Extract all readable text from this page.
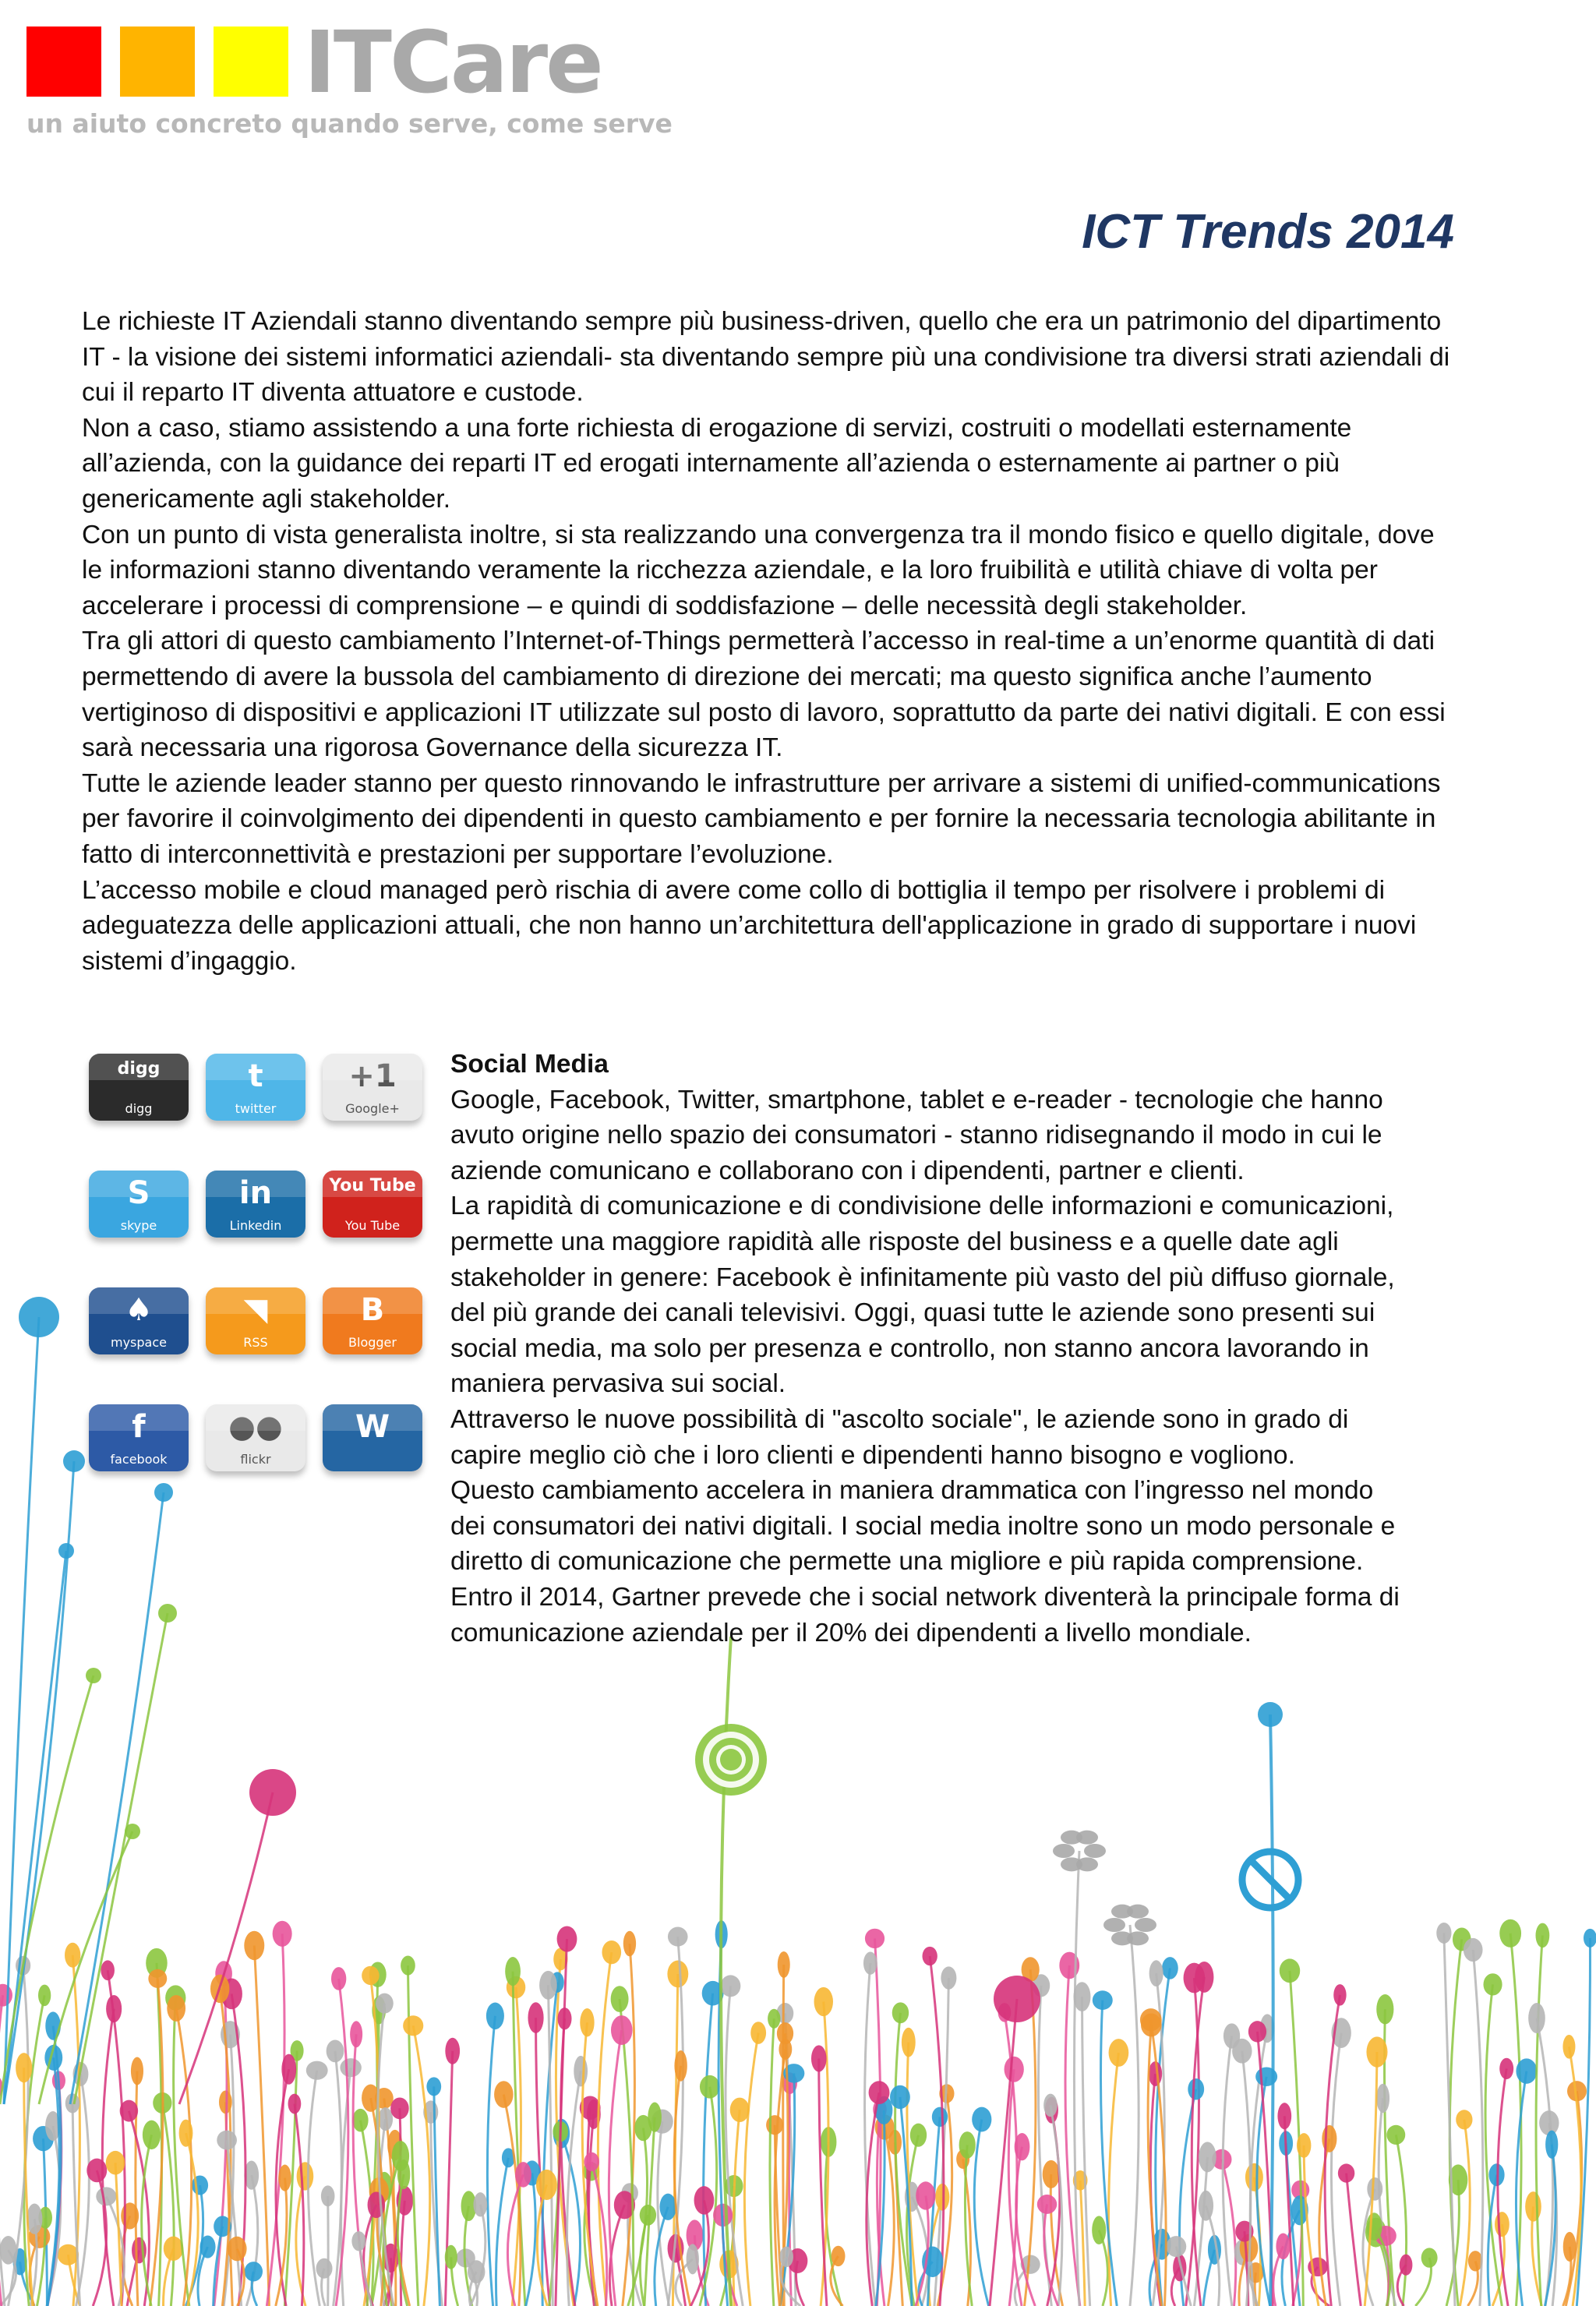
ITCare
un aiuto concreto quando serve, come serve
ICT Trends 2014

Le richieste IT Aziendali stanno diventando sempre più business-driven, quello che era un patrimonio del dipartimento IT - la visione dei sistemi informatici aziendali- sta diventando sempre più una condivisione tra diversi strati aziendali di cui il reparto IT diventa attuatore e custode.

Non a caso, stiamo assistendo a una forte richiesta di erogazione di servizi, costruiti o modellati esternamente all’azienda, con la guidance dei reparti IT ed erogati internamente all’azienda o esternamente ai partner o più genericamente agli stakeholder.

Con un punto di vista generalista inoltre, si sta realizzando una convergenza tra il mondo fisico e quello digitale, dove le informazioni stanno diventando veramente la ricchezza aziendale, e la loro fruibilità e utilità chiave di volta per accelerare i processi di comprensione – e quindi di soddisfazione – delle necessità degli stakeholder.

Tra gli attori di questo cambiamento l’Internet-of-Things permetterà l’accesso in real-time a un’enorme quantità di dati permettendo di avere la bussola del cambiamento di direzione dei mercati; ma questo significa anche l’aumento vertiginoso di dispositivi e applicazioni IT utilizzate sul posto di lavoro, soprattutto da parte dei nativi digitali. E con essi sarà necessaria una rigorosa Governance della sicurezza IT.

Tutte le aziende leader stanno per questo rinnovando le infrastrutture per arrivare a sistemi di unified-communications per favorire il coinvolgimento dei dipendenti in questo cambiamento e per fornire la necessaria tecnologia abilitante in fatto di interconnettività e prestazioni per supportare l’evoluzione.

L’accesso mobile e cloud managed però rischia di avere come collo di bottiglia il tempo per risolvere i problemi di adeguatezza delle applicazioni attuali, che non hanno un’architettura dell'applicazione in grado di supportare i nuovi sistemi d’ingaggio.

digg
digg
t
twitter
+1
Google+
S
skype
in
Linkedin
You Tube
You Tube
♠
myspace
◥
RSS
B
Blogger
f
facebook
●●
flickr
W

Social Media

Google, Facebook, Twitter, smartphone, tablet e e-reader - tecnologie che hanno avuto origine nello spazio dei consumatori - stanno ridisegnando il modo in cui le aziende comunicano e collaborano con i dipendenti, partner e clienti.

La rapidità di comunicazione e di condivisione delle informazioni e comunicazioni, permette una maggiore rapidità alle risposte del business e a quelle date agli stakeholder in genere: Facebook è infinitamente più vasto del più diffuso giornale, del più grande dei canali televisivi. Oggi, quasi tutte le aziende sono presenti sui social media, ma solo per presenza e controllo, non stanno ancora lavorando in maniera pervasiva sui social.

Attraverso le nuove possibilità di "ascolto sociale", le aziende sono in grado di capire meglio ciò che i loro clienti e dipendenti hanno bisogno e vogliono.

Questo cambiamento accelera in maniera drammatica con l’ingresso nel mondo dei consumatori dei nativi digitali. I social media inoltre sono un modo personale e diretto di comunicazione che permette una migliore e più rapida comprensione.

Entro il 2014, Gartner prevede che i social network diventerà la principale forma di comunicazione aziendale per il 20% dei dipendenti a livello mondiale.
